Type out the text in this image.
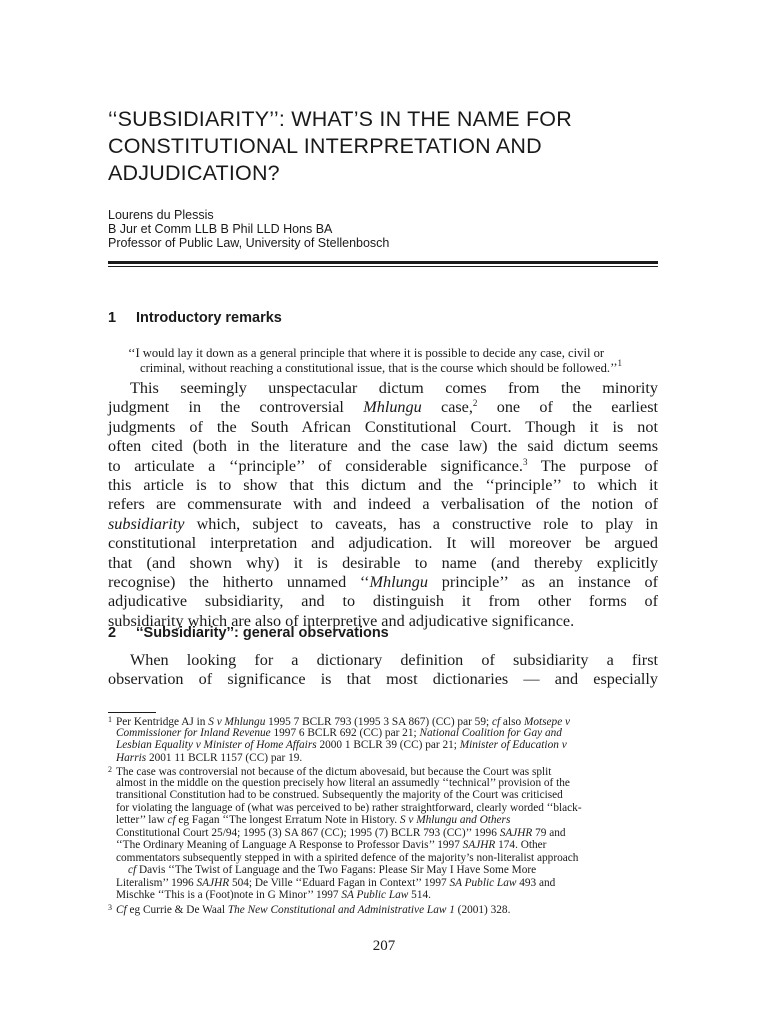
‘‘SUBSIDIARITY’’: WHAT’S IN THE NAME FOR
CONSTITUTIONAL INTERPRETATION AND
ADJUDICATION?
Lourens du Plessis
B Jur et Comm LLB B Phil LLD Hons BA
Professor of Public Law, University of Stellenbosch
1 Introductory remarks
‘‘I would lay it down as a general principle that where it is possible to decide any case, civil or
criminal, without reaching a constitutional issue, that is the course which should be followed.’’$^1$
This seemingly unspectacular dictum comes from the minority
judgment in the controversial Mhlungu case,$^2$ one of the earliest
judgments of the South African Constitutional Court. Though it is not
often cited (both in the literature and the case law) the said dictum seems
to articulate a ‘‘principle’’ of considerable significance.$^3$ The purpose of
this article is to show that this dictum and the ‘‘principle’’ to which it
refers are commensurate with and indeed a verbalisation of the notion of
subsidiarity which, subject to caveats, has a constructive role to play in
constitutional interpretation and adjudication. It will moreover be argued
that (and shown why) it is desirable to name (and thereby explicitly
recognise) the hitherto unnamed ‘‘Mhlungu principle’’ as an instance of
adjudicative subsidiarity, and to distinguish it from other forms of
subsidiarity which are also of interpretive and adjudicative significance.
2 ‘‘Subsidiarity’’: general observations
When looking for a dictionary definition of subsidiarity a first
observation of significance is that most dictionaries — and especially
1 Per Kentridge AJ in S v Mhlungu 1995 7 BCLR 793 (1995 3 SA 867) (CC) par 59; cf also Motsepe v
Commissioner for Inland Revenue 1997 6 BCLR 692 (CC) par 21; National Coalition for Gay and
Lesbian Equality v Minister of Home Affairs 2000 1 BCLR 39 (CC) par 21; Minister of Education v
Harris 2001 11 BCLR 1157 (CC) par 19.
2 The case was controversial not because of the dictum abovesaid, but because the Court was split
almost in the middle on the question precisely how literal an assumedly ‘‘technical’’ provision of the
transitional Constitution had to be construed. Subsequently the majority of the Court was criticised
for violating the language of (what was perceived to be) rather straightforward, clearly worded ‘‘black-
letter’’ law cf eg Fagan ‘‘The longest Erratum Note in History. S v Mhlungu and Others
Constitutional Court 25/94; 1995 (3) SA 867 (CC); 1995 (7) BCLR 793 (CC)’’ 1996 SAJHR 79 and
‘‘The Ordinary Meaning of Language A Response to Professor Davis’’ 1997 SAJHR 174. Other
commentators subsequently stepped in with a spirited defence of the majority’s non-literalist approach
cf Davis ‘‘The Twist of Language and the Two Fagans: Please Sir May I Have Some More
Literalism’’ 1996 SAJHR 504; De Ville ‘‘Eduard Fagan in Context’’ 1997 SA Public Law 493 and
Mischke ‘‘This is a (Foot)note in G Minor’’ 1997 SA Public Law 514.
3 Cf eg Currie & De Waal The New Constitutional and Administrative Law 1 (2001) 328.
207
